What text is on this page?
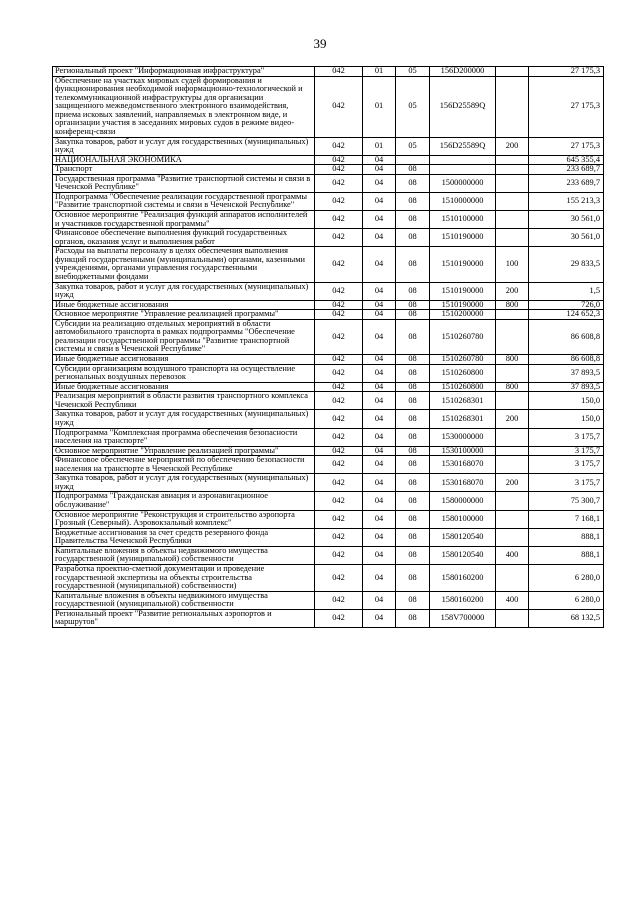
39
Региональный проект "Информационная инфраструктура"	042	01	05	156D200000		27 175,3
Обеспечение на участках мировых судей формирования и функционирования необходимой информационно-технологической и телекоммуникационной инфраструктуры для организации защищенного межведомственного электронного взаимодействия, приема исковых заявлений, направляемых в электронном виде, и организации участия в заседаниях мировых судов в режиме видео-конференц-связи	042	01	05	156D25589Q		27 175,3
Закупка товаров, работ и услуг для государственных (муниципальных) нужд	042	01	05	156D25589Q	200	27 175,3
НАЦИОНАЛЬНАЯ ЭКОНОМИКА	042	04				645 355,4
Транспорт	042	04	08			233 689,7
Государственная программа "Развитие транспортной системы и связи в Чеченской Республике"	042	04	08	1500000000		233 689,7
Подпрограмма "Обеспечение реализации государственной программы "Развитие транспортной системы и связи в Чеченской Республике"	042	04	08	1510000000		155 213,3
Основное мероприятие "Реализация функций аппаратов исполнителей и участников государственной программы"	042	04	08	1510100000		30 561,0
Финансовое обеспечение выполнения функций государственных органов, оказания услуг и выполнения работ	042	04	08	1510190000		30 561,0
Расходы на выплаты персоналу в целях обеспечения выполнения функций государственными (муниципальными) органами, казенными учреждениями, органами управления государственными внебюджетными фондами	042	04	08	1510190000	100	29 833,5
Закупка товаров, работ и услуг для государственных (муниципальных) нужд	042	04	08	1510190000	200	1,5
Иные бюджетные ассигнования	042	04	08	1510190000	800	726,0
Основное мероприятие "Управление реализацией программы"	042	04	08	1510200000		124 652,3
Субсидии на реализацию отдельных мероприятий в области автомобильного транспорта в рамках подпрограммы "Обеспечение реализации государственной программы "Развитие транспортной системы и связи в Чеченской Республике"	042	04	08	1510260780		86 608,8
Иные бюджетные ассигнования	042	04	08	1510260780	800	86 608,8
Субсидии организациям воздушного транспорта на осуществление региональных воздушных перевозок	042	04	08	1510260800		37 893,5
Иные бюджетные ассигнования	042	04	08	1510260800	800	37 893,5
Реализация мероприятий в области развития транспортного комплекса Чеченской Республики	042	04	08	1510268301		150,0
Закупка товаров, работ и услуг для государственных (муниципальных) нужд	042	04	08	1510268301	200	150,0
Подпрограмма "Комплексная программа обеспечения безопасности населения на транспорте"	042	04	08	1530000000		3 175,7
Основное мероприятие "Управление реализацией программы"	042	04	08	1530100000		3 175,7
Финансовое обеспечение мероприятий по обеспечению безопасности населения на транспорте в Чеченской Республике	042	04	08	1530168070		3 175,7
Закупка товаров, работ и услуг для государственных (муниципальных) нужд	042	04	08	1530168070	200	3 175,7
Подпрограмма "Гражданская авиация и аэронавигационное обслуживание"	042	04	08	1580000000		75 300,7
Основное мероприятие "Реконструкция и строительство аэропорта Грозный (Северный). Аэровокзальный комплекс"	042	04	08	1580100000		7 168,1
Бюджетные ассигнования за счет средств резервного фонда Правительства Чеченской Республики	042	04	08	1580120540		888,1
Капитальные вложения в объекты недвижимого имущества государственной (муниципальной) собственности	042	04	08	1580120540	400	888,1
Разработка проектно-сметной документации и проведение государственной экспертизы на объекты строительства государственной (муниципальной) собственности)	042	04	08	1580160200		6 280,0
Капитальные вложения в объекты недвижимого имущества государственной (муниципальной) собственности	042	04	08	1580160200	400	6 280,0
Региональный проект "Развитие региональных аэропортов и маршрутов"	042	04	08	158V700000		68 132,5
